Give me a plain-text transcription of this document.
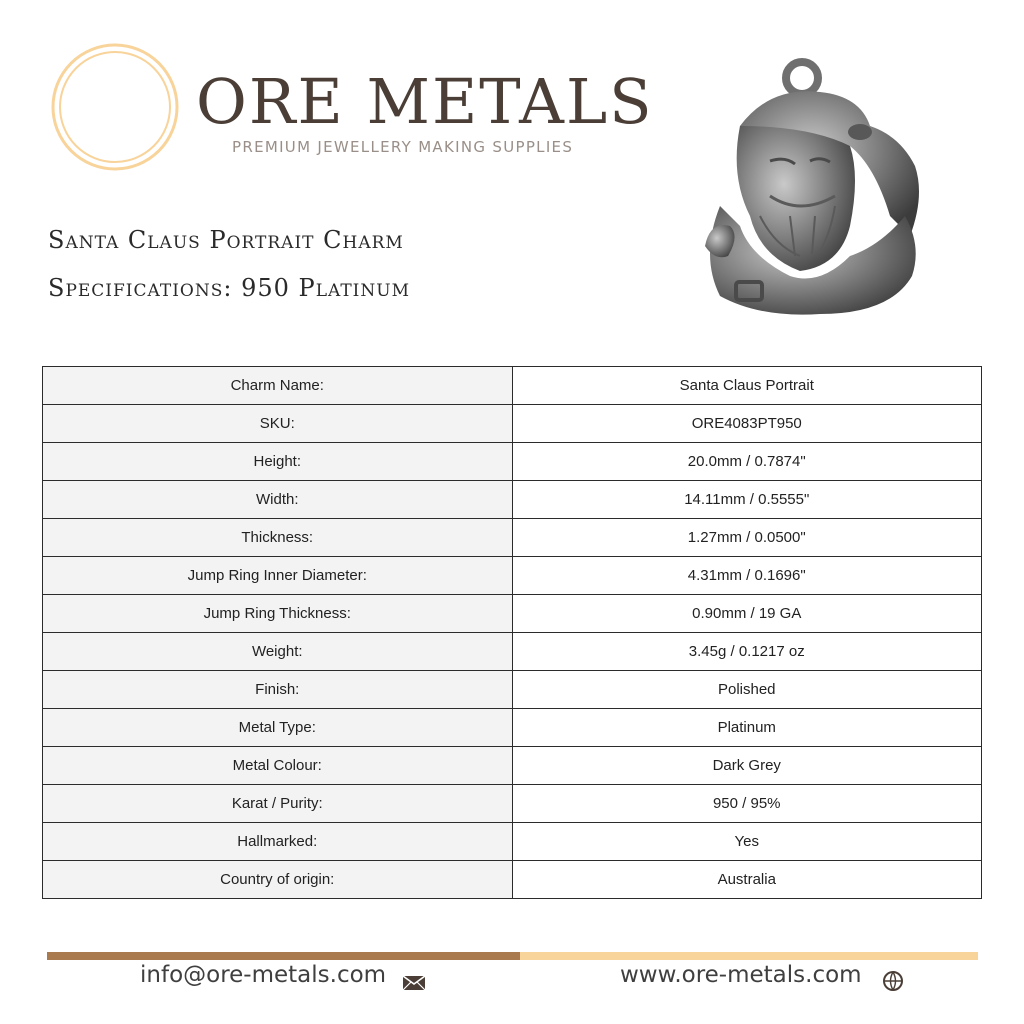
ORE METALS
PREMIUM JEWELLERY MAKING SUPPLIES
Santa Claus Portrait Charm
Specifications: 950 Platinum
Charm Name:	Santa Claus Portrait
SKU:	ORE4083PT950
Height:	20.0mm / 0.7874"
Width:	14.11mm / 0.5555"
Thickness:	1.27mm / 0.0500"
Jump Ring Inner Diameter:	4.31mm / 0.1696"
Jump Ring Thickness:	0.90mm / 19 GA
Weight:	3.45g / 0.1217 oz
Finish:	Polished
Metal Type:	Platinum
Metal Colour:	Dark Grey
Karat / Purity:	950 / 95%
Hallmarked:	Yes
Country of origin:	Australia
info@ore-metals.com	www.ore-metals.com
